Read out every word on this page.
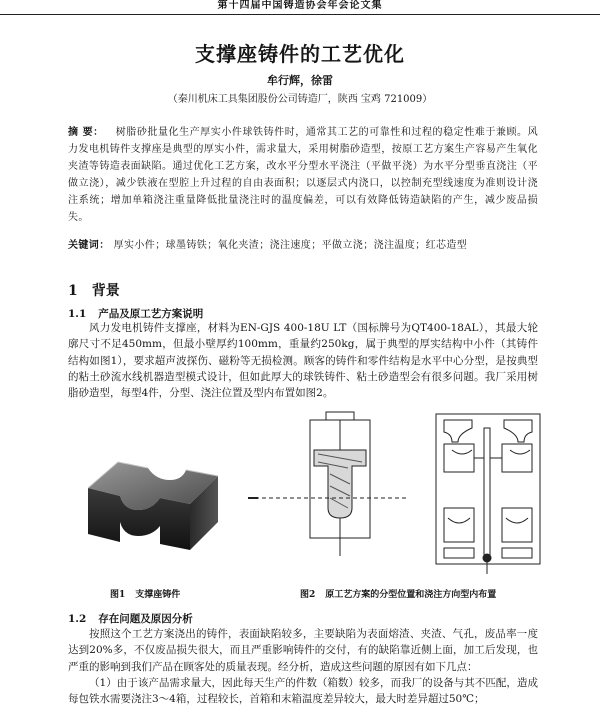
第十四届中国铸造协会年会论文集
支撑座铸件的工艺优化
牟行辉，徐雷
（秦川机床工具集团股份公司铸造厂，陕西 宝鸡 721009）
摘 要： 树脂砂批量化生产厚实小件球铁铸件时，通常其工艺的可靠性和过程的稳定性难于兼顾。风力发电机铸件支撑座是典型的厚实小件，需求量大，采用树脂砂造型，按原工艺方案生产容易产生氧化夹渣等铸造表面缺陷。通过优化工艺方案，改水平分型水平浇注（平做平浇）为水平分型垂直浇注（平做立浇），减少铁液在型腔上升过程的自由表面积；以逐层式内浇口，以控制充型线速度为准则设计浇注系统；增加单箱浇注重量降低批量浇注时的温度偏差，可以有效降低铸造缺陷的产生，减少废品损失。
关键词： 厚实小件；球墨铸铁；氧化夹渣；浇注速度；平做立浇；浇注温度；红芯造型
1 背景
1.1 产品及原工艺方案说明

风力发电机铸件支撑座，材料为EN-GJS 400-18U LT（国标牌号为QT400-18AL），其最大轮廓尺寸不足450mm，但最小壁厚约100mm，重量约250kg，属于典型的厚实结构中小件（其铸件结构如图1），要求超声波探伤、磁粉等无损检测。顾客的铸件和零件结构是水平中心分型，是按典型的粘土砂流水线机器造型模式设计，但如此厚大的球铁铸件、粘土砂造型会有很多问题。我厂采用树脂砂造型，每型4件，分型、浇注位置及型内布置如图2。

图1 支撑座铸件	图2 原工艺方案的分型位置和浇注方向型内布置
1.2 存在问题及原因分析

按照这个工艺方案浇出的铸件，表面缺陷较多，主要缺陷为表面熔渣、夹渣、气孔，废品率一度达到20%多，不仅废品损失很大，而且严重影响铸件的交付，有的缺陷靠近侧上面，加工后发现，也严重的影响到我们产品在顾客处的质量表现。经分析，造成这些问题的原因有如下几点：

（1）由于该产品需求量大，因此每天生产的件数（箱数）较多，而我厂的设备与其不匹配，造成每包铁水需要浇注3～4箱，过程较长，首箱和末箱温度差异较大，最大时差异超过50℃；
